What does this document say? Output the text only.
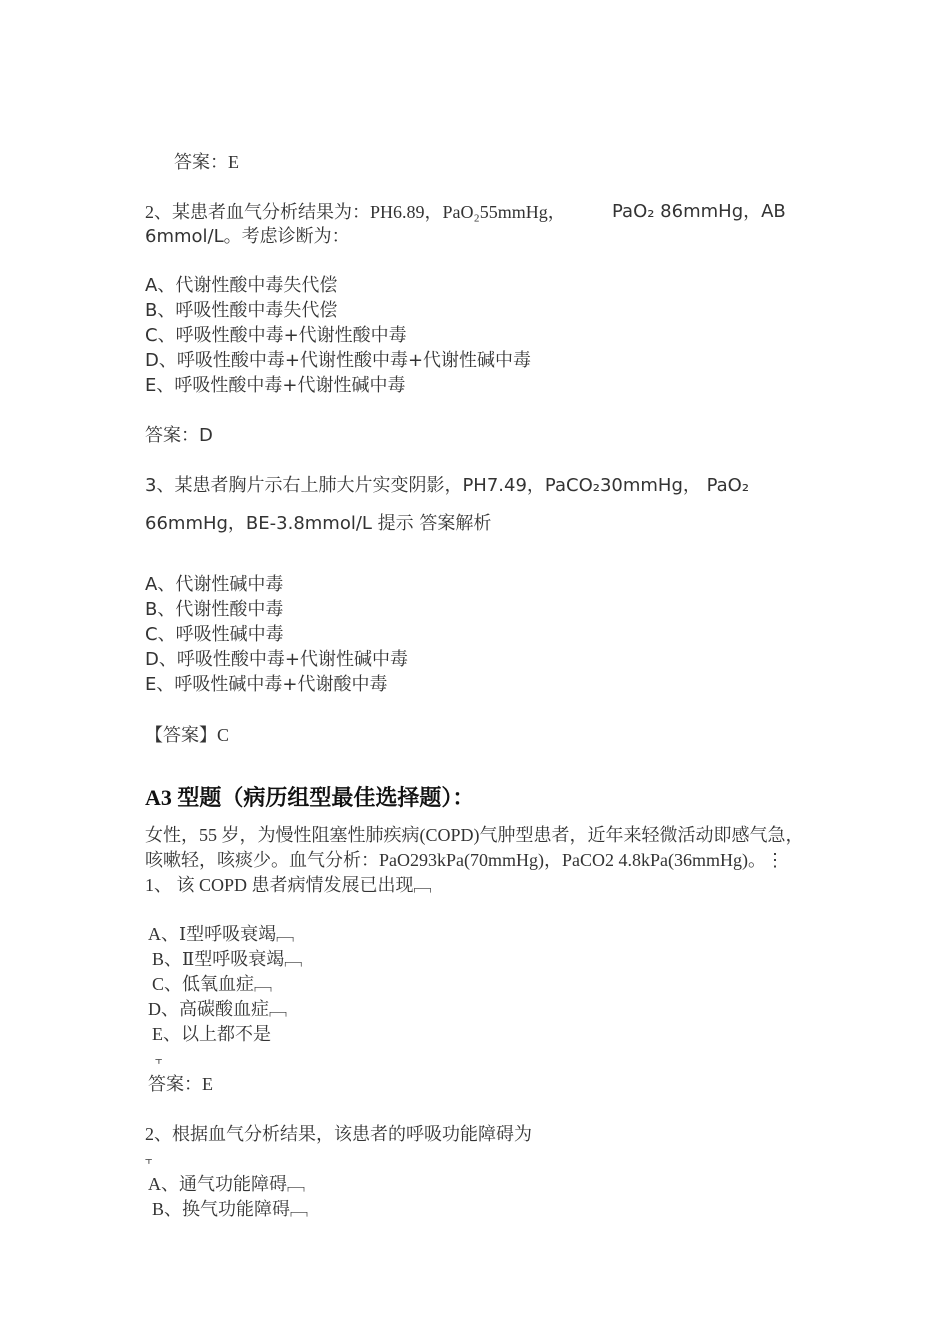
答案：E
2、某患者血气分析结果为：PH6.89，PaO₂55mmHg，	PaO₂ 86mmHg，AB
6mmol/L。考虑诊断为：
A、代谢性酸中毒失代偿
B、呼吸性酸中毒失代偿
C、呼吸性酸中毒+代谢性酸中毒
D、呼吸性酸中毒+代谢性酸中毒+代谢性碱中毒
E、呼吸性酸中毒+代谢性碱中毒
答案：D
3、某患者胸片示右上肺大片实变阴影，PH7.49，PaCO₂30mmHg， PaO₂
66mmHg，BE-3.8mmol/L 提示 答案解析
A、代谢性碱中毒
B、代谢性酸中毒
C、呼吸性碱中毒
D、呼吸性酸中毒+代谢性碱中毒
E、呼吸性碱中毒+代谢酸中毒
【答案】C
A3 型题（病历组型最佳选择题）：
女性，55 岁，为慢性阻塞性肺疾病(COPD)气肿型患者，近年来轻微活动即感气急，
咳嗽轻，咳痰少。血气分析：PaO293kPa(70mmHg)，PaCO2 4.8kPa(36mmHg)。⋮
1、 该 COPD 患者病情发展已出现﹇
A、Ⅰ型呼吸衰竭﹇
B、Ⅱ型呼吸衰竭﹇
C、低氧血症﹇
D、高碳酸血症﹇
E、以上都不是
⫟
答案：E
2、根据血气分析结果，该患者的呼吸功能障碍为
⫟
A、通气功能障碍﹇
B、换气功能障碍﹇
